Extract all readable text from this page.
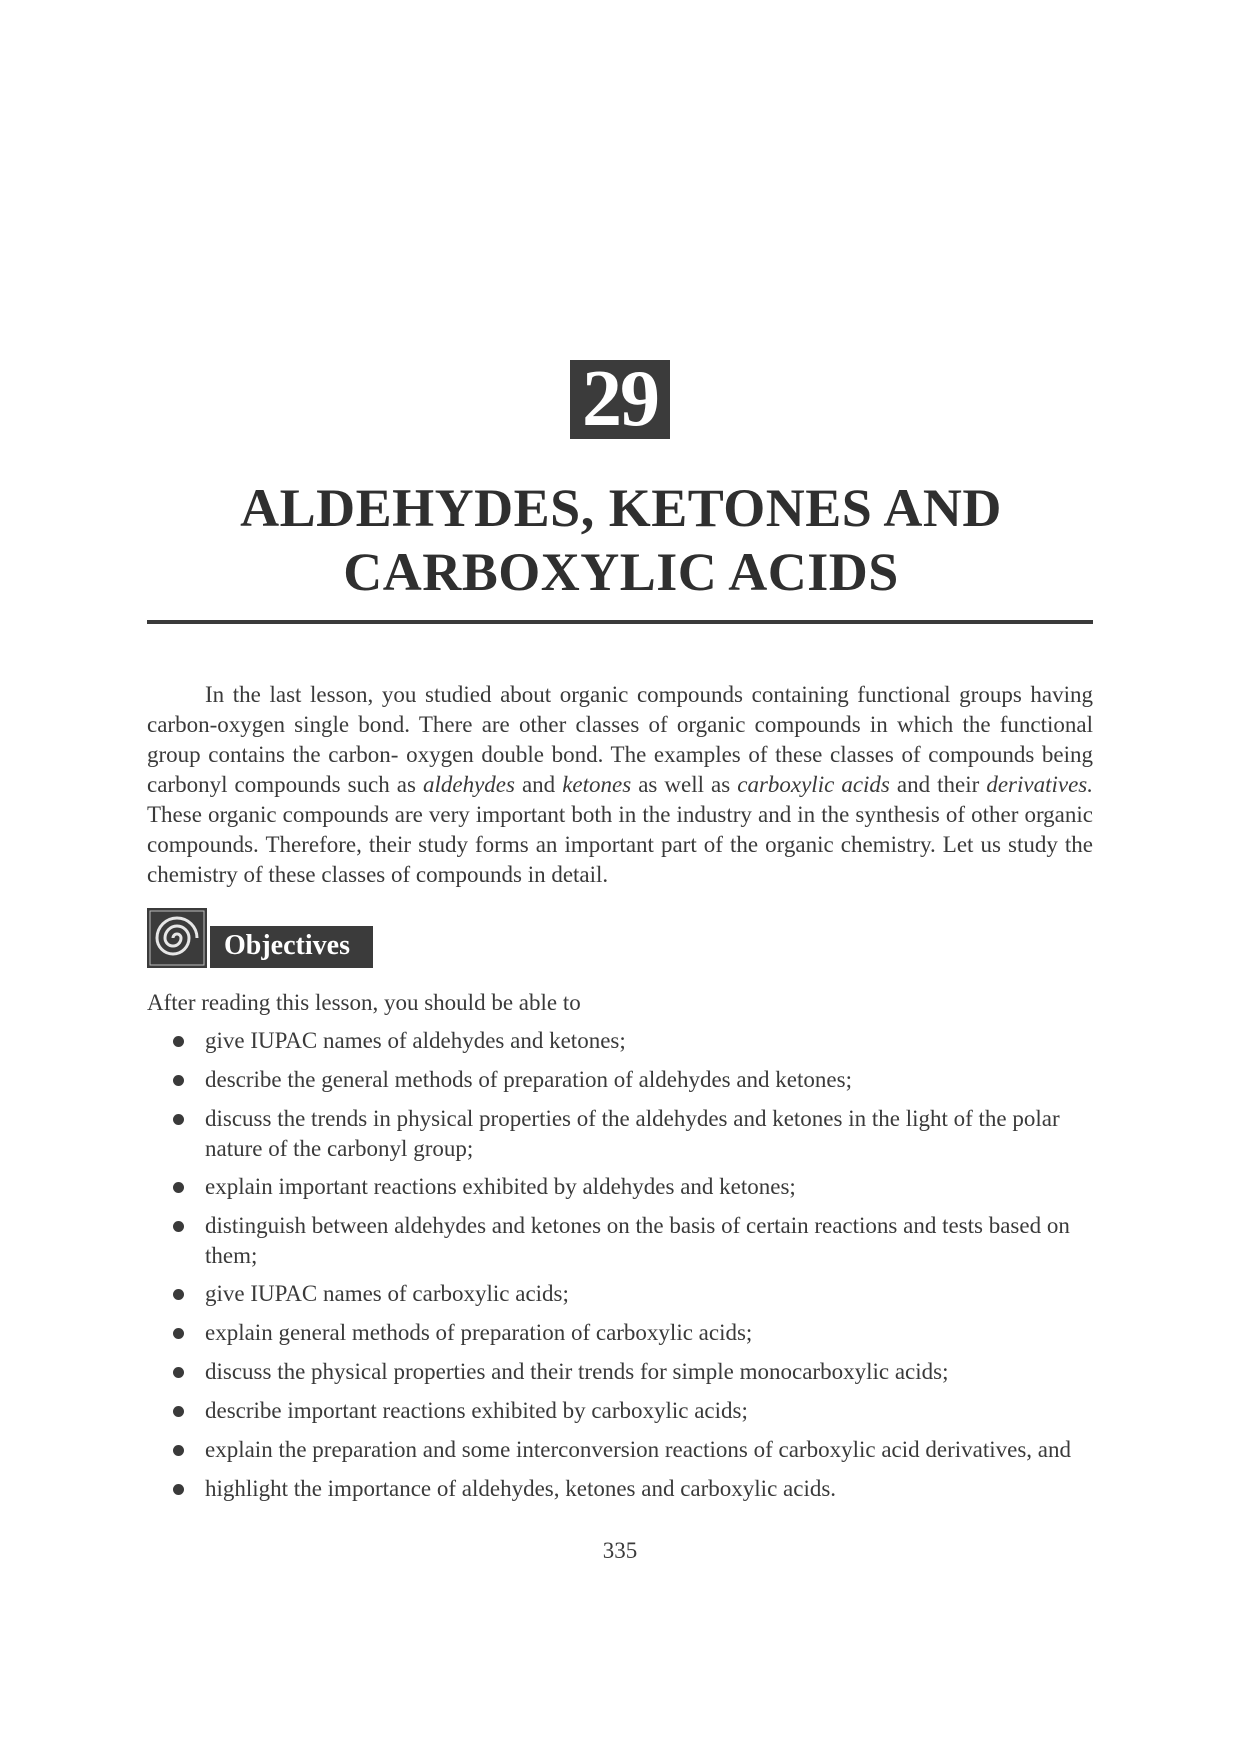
29
ALDEHYDES, KETONES AND
CARBOXYLIC ACIDS

In the last lesson, you studied about organic compounds containing functional groups having carbon-oxygen single bond. There are other classes of organic compounds in which the functional group contains the carbon- oxygen double bond. The examples of these classes of compounds being carbonyl compounds such as aldehydes and ketones as well as carboxylic acids and their derivatives. These organic compounds are very important both in the industry and in the synthesis of other organic compounds. Therefore, their study forms an important part of the organic chemistry. Let us study the chemistry of these classes of compounds in detail.

Objectives

After reading this lesson, you should be able to

give IUPAC names of aldehydes and ketones;
describe the general methods of preparation of aldehydes and ketones;
discuss the trends in physical properties of the aldehydes and ketones in the light of the polar nature of the carbonyl group;
explain important reactions exhibited by aldehydes and ketones;
distinguish between aldehydes and ketones on the basis of certain reactions and tests based on them;
give IUPAC names of carboxylic acids;
explain general methods of preparation of carboxylic acids;
discuss the physical properties and their trends for simple monocarboxylic acids;
describe important reactions exhibited by carboxylic acids;
explain the preparation and some interconversion reactions of carboxylic acid derivatives, and
highlight the importance of aldehydes, ketones and carboxylic acids.
335
